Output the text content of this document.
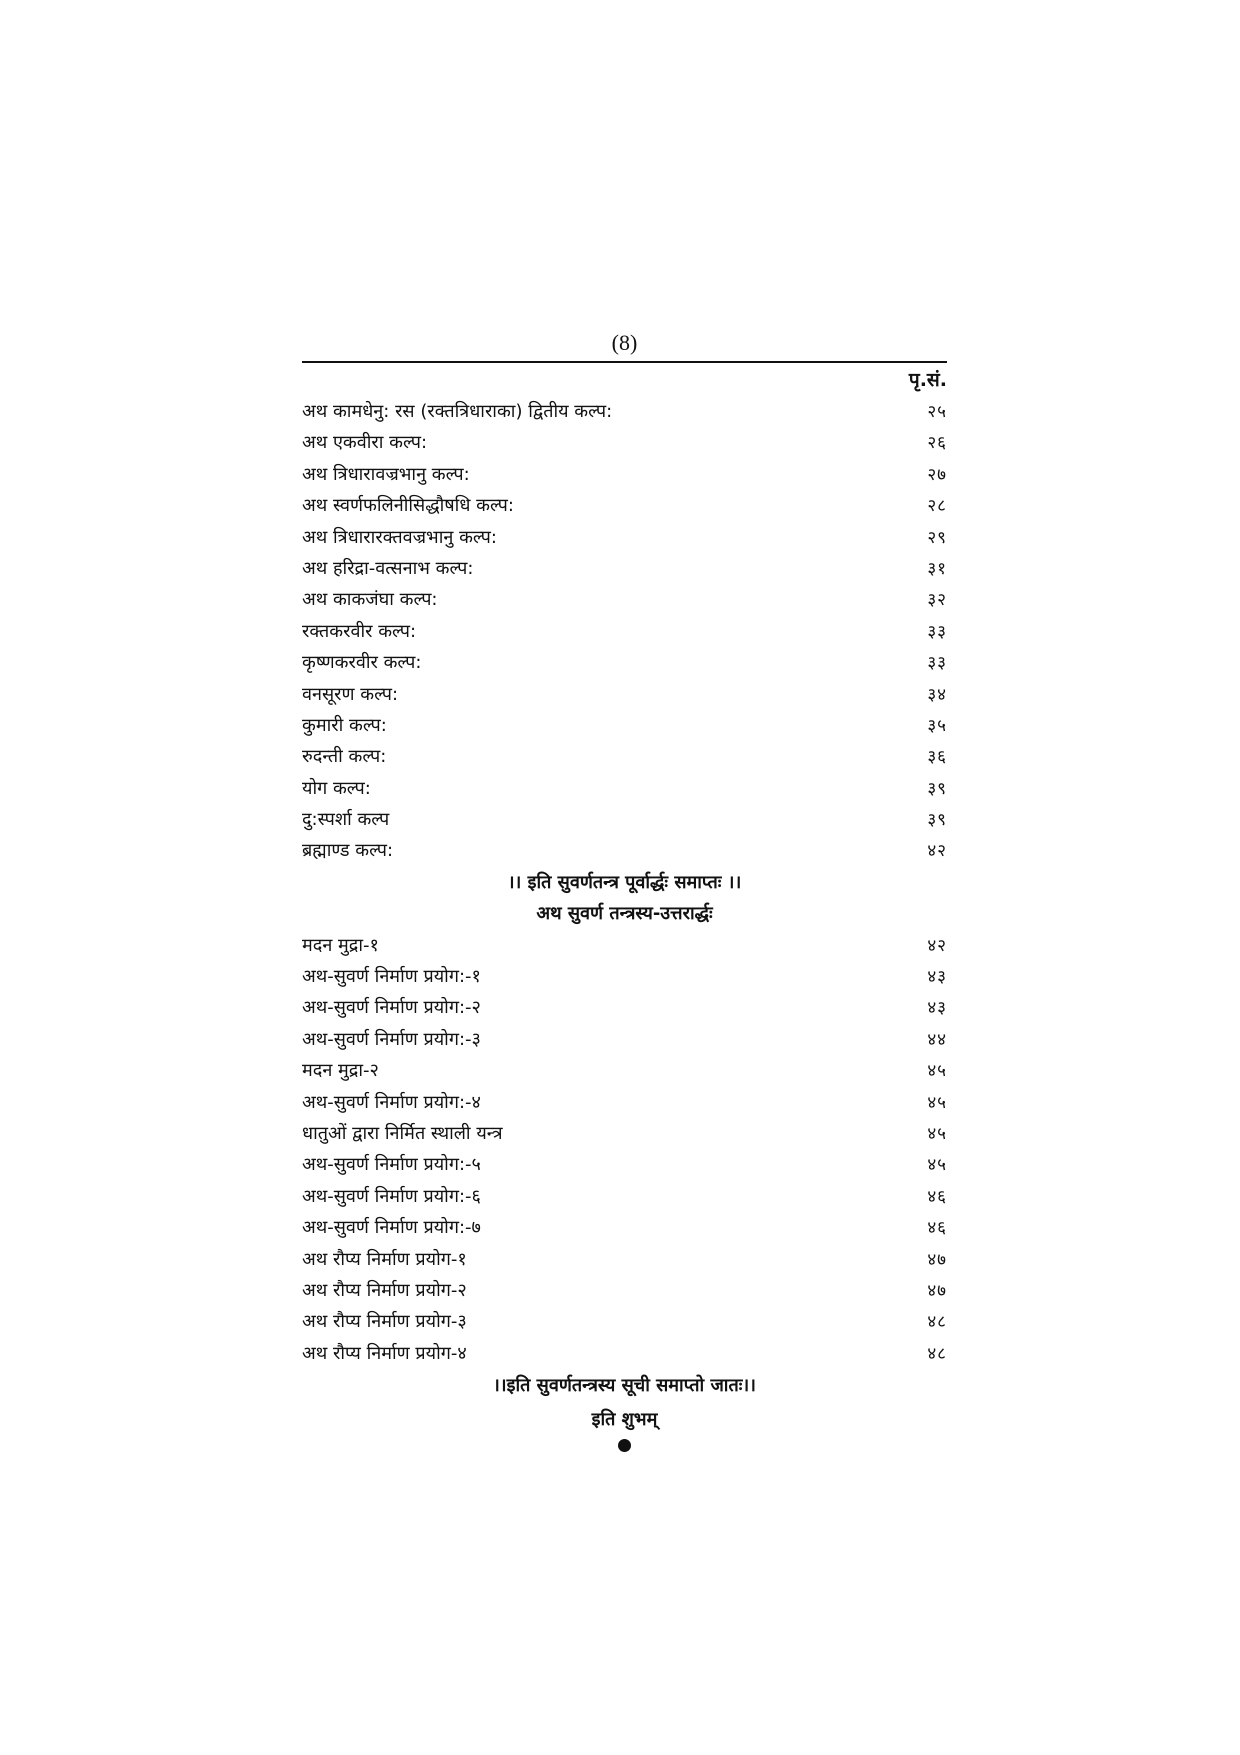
(8)
पृ.सं.
अथ कामधेनु: रस (रक्तत्रिधाराका) द्वितीय कल्प:	२५
अथ एकवीरा कल्प:	२६
अथ त्रिधारावज्रभानु कल्प:	२७
अथ स्वर्णफलिनीसिद्धौषधि कल्प:	२८
अथ त्रिधारारक्तवज्रभानु कल्प:	२९
अथ हरिद्रा-वत्सनाभ कल्प:	३१
अथ काकजंघा कल्प:	३२
रक्तकरवीर कल्प:	३३
कृष्णकरवीर कल्प:	३३
वनसूरण कल्प:	३४
कुमारी कल्प:	३५
रुदन्ती कल्प:	३६
योग कल्प:	३९
दु:स्पर्शा कल्प	३९
ब्रह्माण्ड कल्प:	४२
।। इति सुवर्णतन्त्र पूर्वार्द्धः समाप्तः ।।
अथ सुवर्ण तन्त्रस्य-उत्तरार्द्धः
मदन मुद्रा-१	४२
अथ-सुवर्ण निर्माण प्रयोग:-१	४३
अथ-सुवर्ण निर्माण प्रयोग:-२	४३
अथ-सुवर्ण निर्माण प्रयोग:-३	४४
मदन मुद्रा-२	४५
अथ-सुवर्ण निर्माण प्रयोग:-४	४५
धातुओं द्वारा निर्मित स्थाली यन्त्र	४५
अथ-सुवर्ण निर्माण प्रयोग:-५	४५
अथ-सुवर्ण निर्माण प्रयोग:-६	४६
अथ-सुवर्ण निर्माण प्रयोग:-७	४६
अथ रौप्य निर्माण प्रयोग-१	४७
अथ रौप्य निर्माण प्रयोग-२	४७
अथ रौप्य निर्माण प्रयोग-३	४८
अथ रौप्य निर्माण प्रयोग-४	४८
।।इति सुवर्णतन्त्रस्य सूची समाप्तो जातः।।
इति शुभम्
